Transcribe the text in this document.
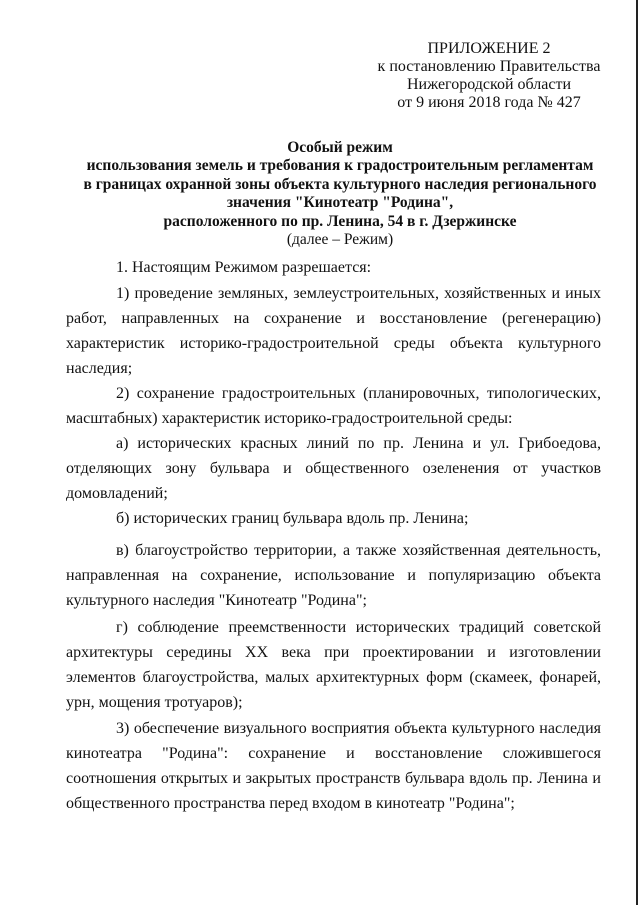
ПРИЛОЖЕНИЕ 2
к постановлению Правительства
Нижегородской области
от 9 июня 2018 года № 427
Особый режим
использования земель и требования к градостроительным регламентам
в границах охранной зоны объекта культурного наследия регионального
значения "Кинотеатр "Родина",
расположенного по пр. Ленина, 54 в г. Дзержинске
(далее – Режим)

1. Настоящим Режимом разрешается:

1) проведение земляных, землеустроительных, хозяйственных и иных работ, направленных на сохранение и восстановление (регенерацию) характеристик историко-градостроительной среды объекта культурного наследия;

2) сохранение градостроительных (планировочных, типологических, масштабных) характеристик историко-градостроительной среды:

а) исторических красных линий по пр. Ленина и ул. Грибоедова, отделяющих зону бульвара и общественного озеленения от участков домовладений;

б) исторических границ бульвара вдоль пр. Ленина;

в) благоустройство территории, а также хозяйственная деятельность, направленная на сохранение, использование и популяризацию объекта культурного наследия "Кинотеатр "Родина";

г) соблюдение преемственности исторических традиций советской архитектуры середины XX века при проектировании и изготовлении элементов благоустройства, малых архитектурных форм (скамеек, фонарей, урн, мощения тротуаров);

3) обеспечение визуального восприятия объекта культурного наследия кинотеатра "Родина": сохранение и восстановление сложившегося соотношения открытых и закрытых пространств бульвара вдоль пр. Ленина и общественного пространства перед входом в кинотеатр "Родина";
